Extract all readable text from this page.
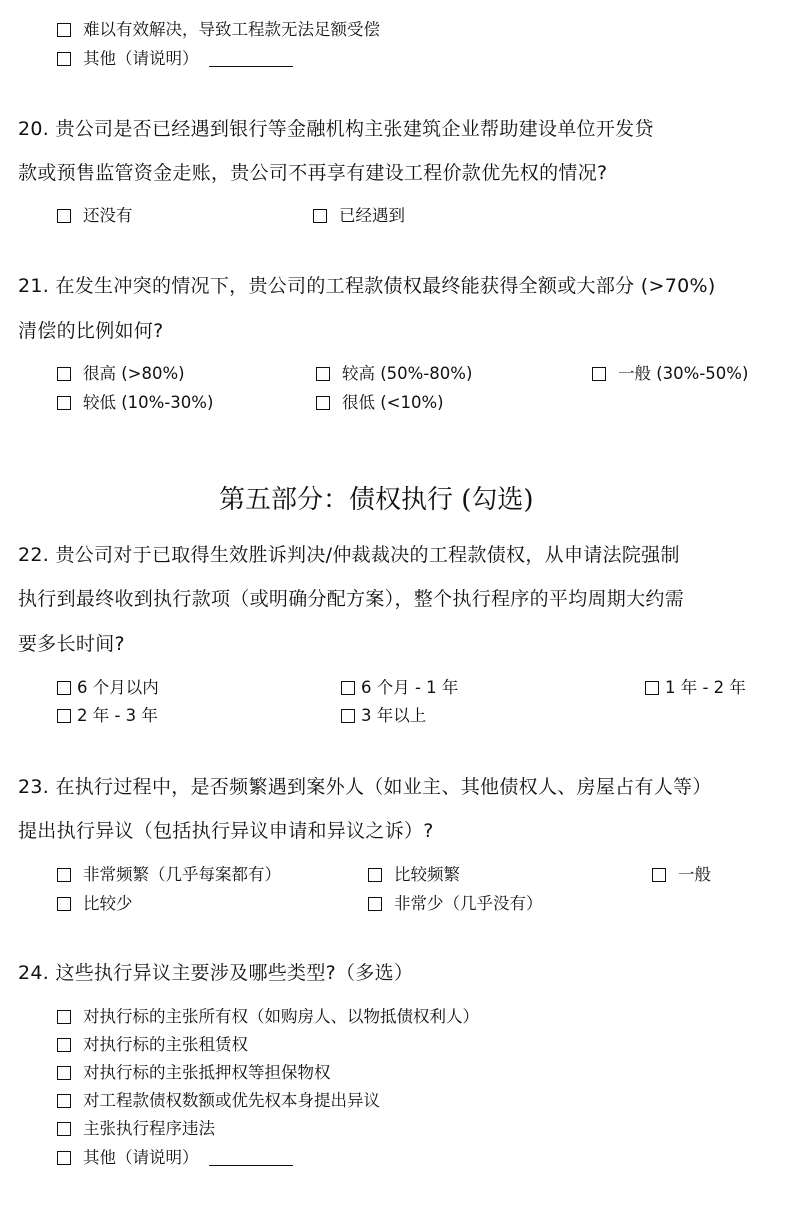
难以有效解决，导致工程款无法足额受偿
其他（请说明）
20. 贵公司是否已经遇到银行等金融机构主张建筑企业帮助建设单位开发贷
款或预售监管资金走账，贵公司不再享有建设工程价款优先权的情况?
还没有	已经遇到
21. 在发生冲突的情况下，贵公司的工程款债权最终能获得全额或大部分 (>70%)
清偿的比例如何?
很高 (>80%)	较高 (50%-80%)	一般 (30%-50%)
较低 (10%-30%)	很低 (<10%)
第五部分：债权执行 (勾选)
22. 贵公司对于已取得生效胜诉判决/仲裁裁决的工程款债权，从申请法院强制
执行到最终收到执行款项（或明确分配方案），整个执行程序的平均周期大约需
要多长时间?
6 个月以内	6 个月 - 1 年	1 年 - 2 年
2 年 - 3 年	3 年以上
23. 在执行过程中，是否频繁遇到案外人（如业主、其他债权人、房屋占有人等）
提出执行异议（包括执行异议申请和异议之诉）?
非常频繁（几乎每案都有）	比较频繁	一般
比较少	非常少（几乎没有）
24. 这些执行异议主要涉及哪些类型?（多选）
对执行标的主张所有权（如购房人、以物抵债权利人）
对执行标的主张租赁权
对执行标的主张抵押权等担保物权
对工程款债权数额或优先权本身提出异议
主张执行程序违法
其他（请说明）
